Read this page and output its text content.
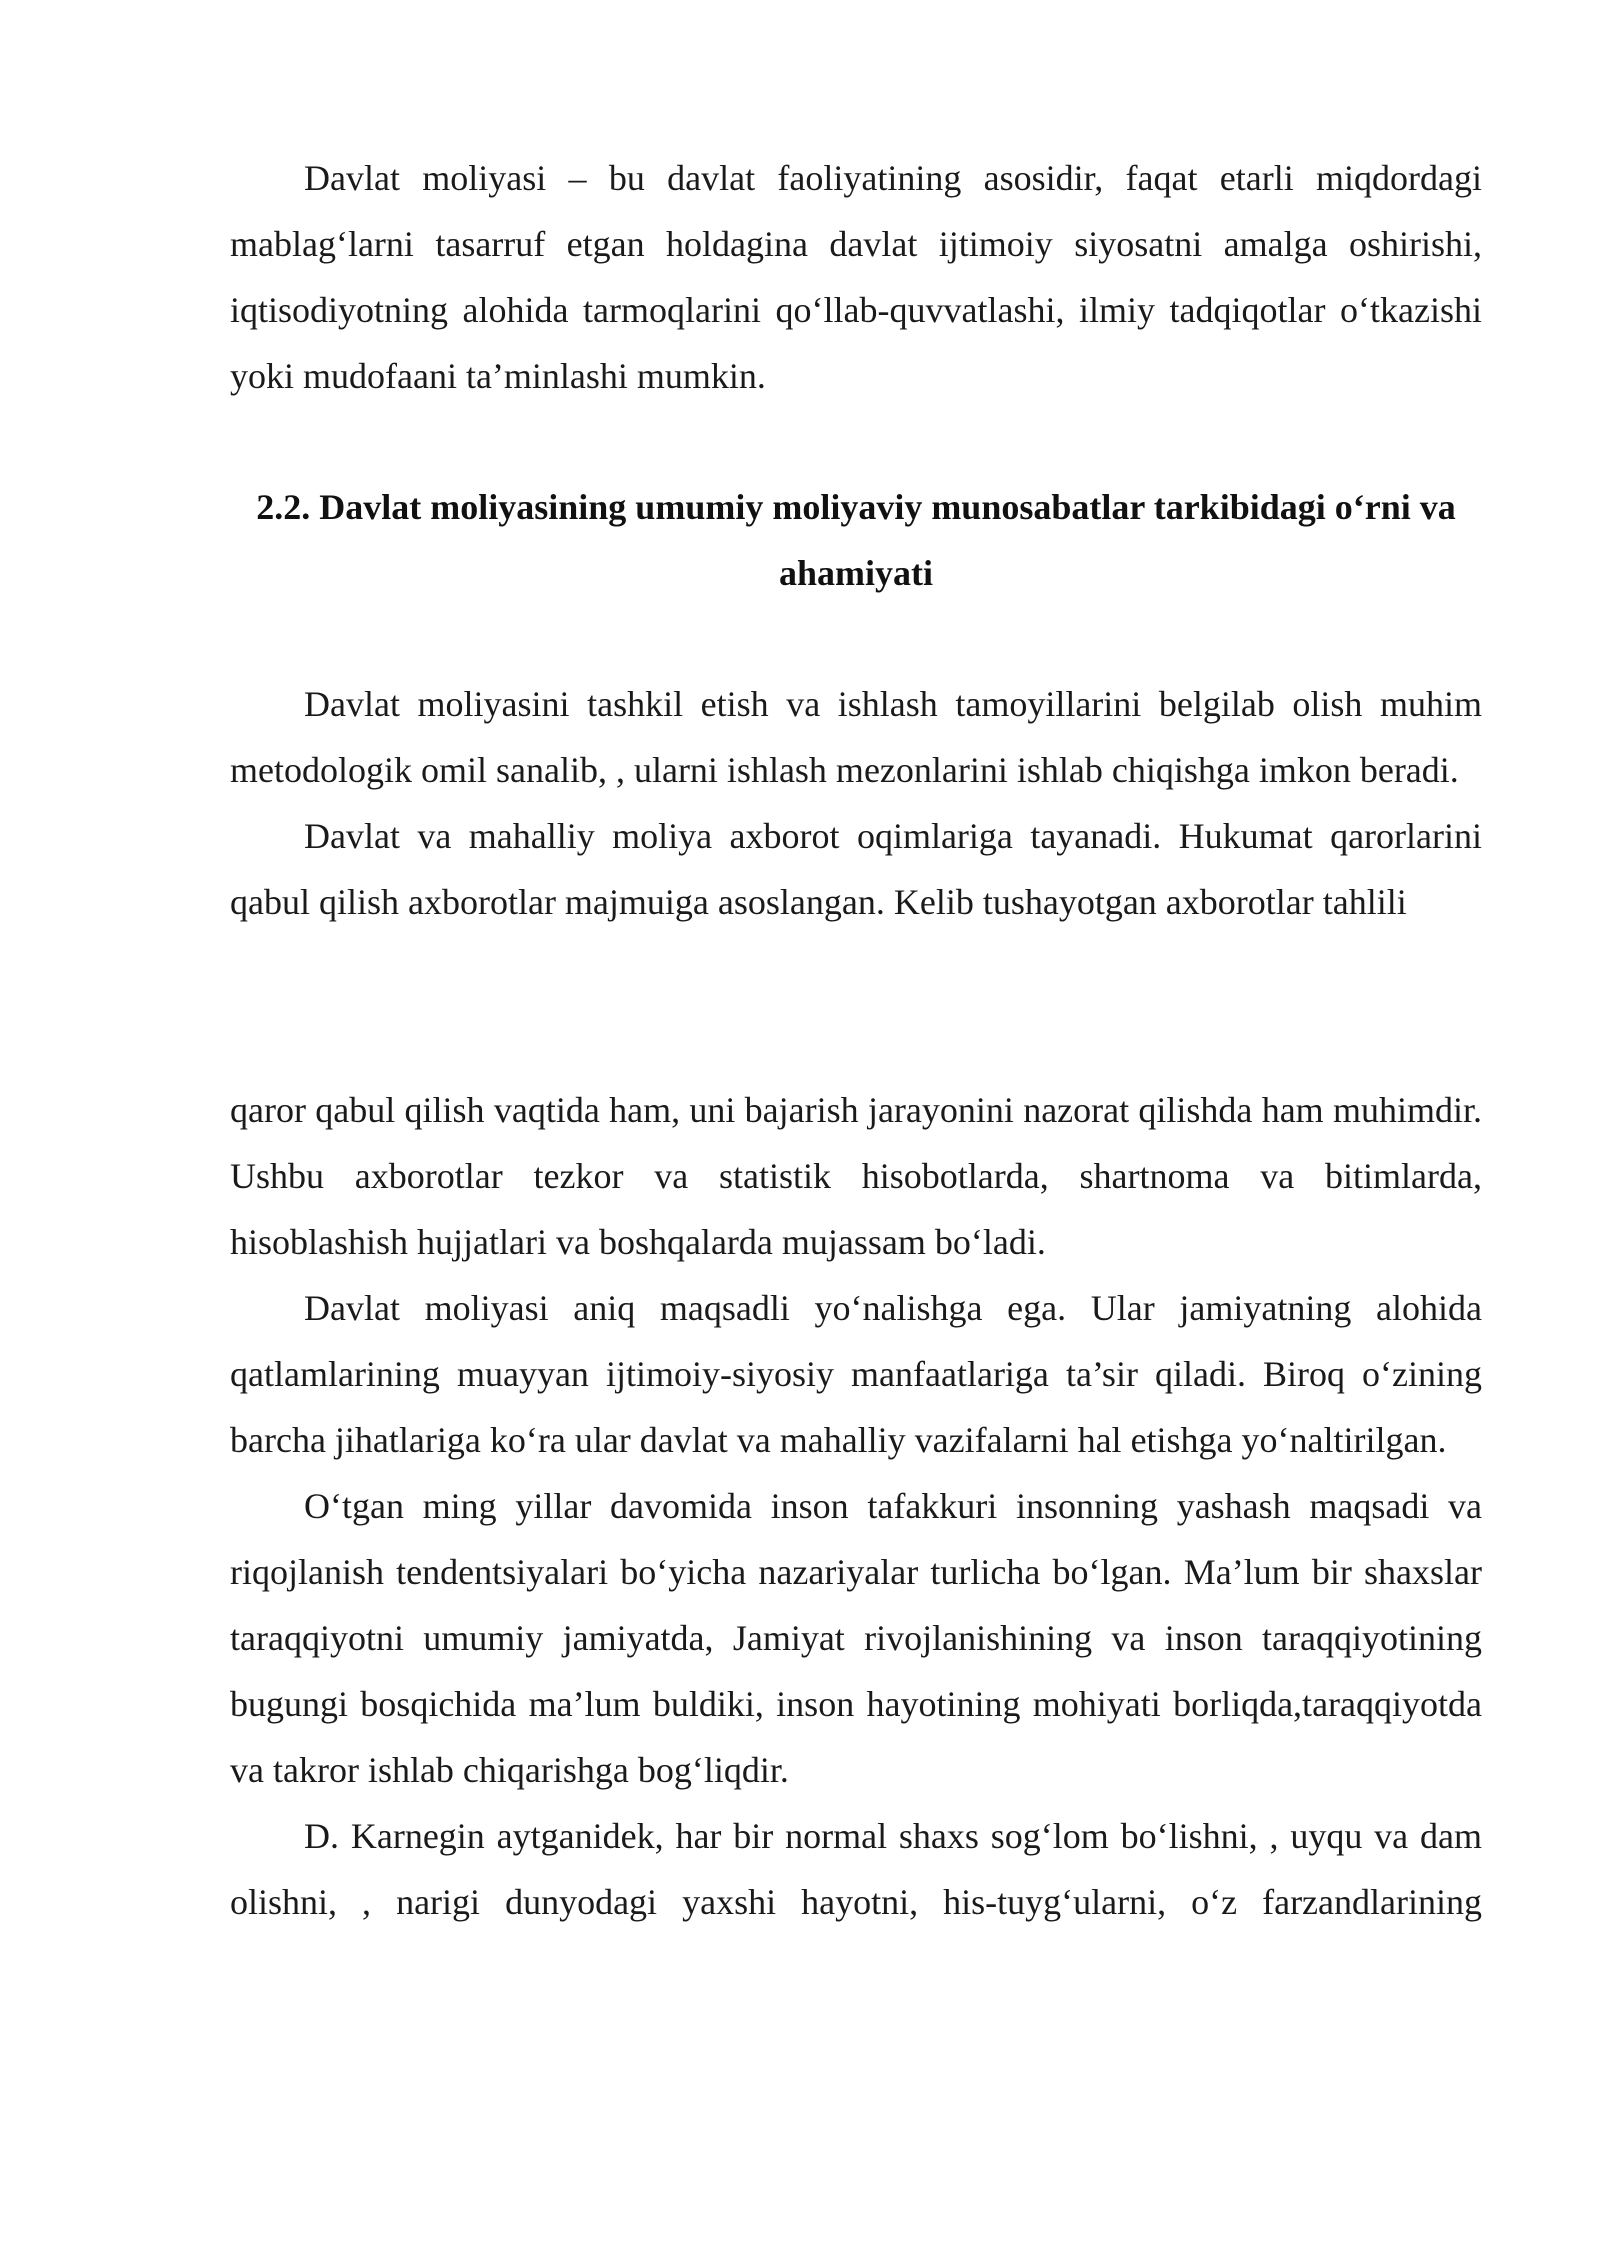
Davlat moliyasi – bu davlat faoliyatining asosidir, faqat etarli miqdordagi mablag‘larni tasarruf etgan holdagina davlat ijtimoiy siyosatni amalga oshirishi, iqtisodiyotning alohida tarmoqlarini qo‘llab-quvvatlashi, ilmiy tadqiqotlar o‘tkazishi yoki mudofaani ta’minlashi mumkin.

2.2. Davlat moliyasining umumiy moliyaviy munosabatlar tarkibidagi o‘rni va ahamiyati

Davlat moliyasini tashkil etish va ishlash tamoyillarini belgilab olish muhim metodologik omil sanalib, , ularni ishlash mezonlarini ishlab chiqishga imkon beradi.

Davlat va mahalliy moliya axborot oqimlariga tayanadi. Hukumat qarorlarini qabul qilish axborotlar majmuiga asoslangan. Kelib tushayotgan axborotlar tahlili

qaror qabul qilish vaqtida ham, uni bajarish jarayonini nazorat qilishda ham muhimdir. Ushbu axborotlar tezkor va statistik hisobotlarda, shartnoma va bitimlarda, hisoblashish hujjatlari va boshqalarda mujassam bo‘ladi.

Davlat moliyasi aniq maqsadli yo‘nalishga ega. Ular jamiyatning alohida qatlamlarining muayyan ijtimoiy-siyosiy manfaatlariga ta’sir qiladi. Biroq o‘zining barcha jihatlariga ko‘ra ular davlat va mahalliy vazifalarni hal etishga yo‘naltirilgan.

O‘tgan ming yillar davomida inson tafakkuri insonning yashash maqsadi va riqojlanish tendentsiyalari bo‘yicha nazariyalar turlicha bo‘lgan. Ma’lum bir shaxslar taraqqiyotni umumiy jamiyatda, Jamiyat rivojlanishining va inson taraqqiyotining bugungi bosqichida ma’lum buldiki, inson hayotining mohiyati borliqda,taraqqiyotda va takror ishlab chiqarishga bog‘liqdir.

D. Karnegin aytganidek, har bir normal shaxs sog‘lom bo‘lishni, , uyqu va dam olishni, , narigi dunyodagi yaxshi hayotni, his-tuyg‘ularni, o‘z farzandlarining
